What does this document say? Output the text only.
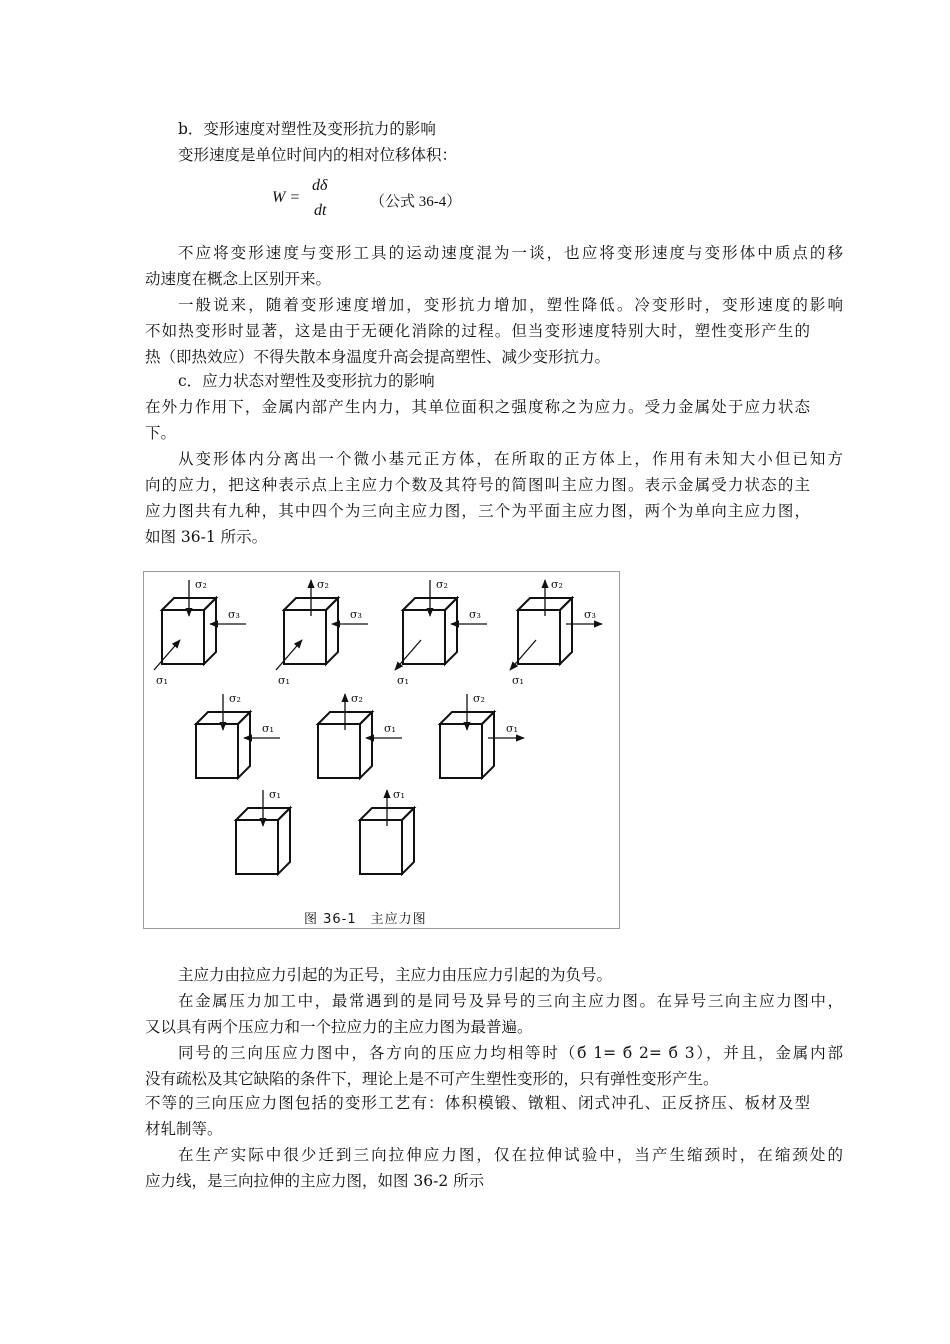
b．变形速度对塑性及变形抗力的影响
变形速度是单位时间内的相对位移体积：
W =
dδ
dt	（公式 36-4）
不应将变形速度与变形工具的运动速度混为一谈，也应将变形速度与变形体中质点的移
动速度在概念上区别开来。
一般说来，随着变形速度增加，变形抗力增加，塑性降低。冷变形时，变形速度的影响
不如热变形时显著，这是由于无硬化消除的过程。但当变形速度特别大时，塑性变形产生的
热（即热效应）不得失散本身温度升高会提高塑性、减少变形抗力。
c．应力状态对塑性及变形抗力的影响
在外力作用下，金属内部产生内力，其单位面积之强度称之为应力。受力金属处于应力状态
下。
从变形体内分离出一个微小基元正方体，在所取的正方体上，作用有未知大小但已知方
向的应力，把这种表示点上主应力个数及其符号的简图叫主应力图。表示金属受力状态的主
应力图共有九种，其中四个为三向主应力图，三个为平面主应力图，两个为单向主应力图，
如图 36-1 所示。
σ₂
σ₃
σ₁
σ₂
σ₃
σ₁
σ₂
σ₃
σ₁
σ₂
σ₃
σ₁
σ₂
σ₁
σ₂
σ₁
σ₂
σ₁
σ₁	σ₁
图 36-1　主应力图
主应力由拉应力引起的为正号，主应力由压应力引起的为负号。
在金属压力加工中，最常遇到的是同号及异号的三向主应力图。在异号三向主应力图中，
又以具有两个压应力和一个拉应力的主应力图为最普遍。
同号的三向压应力图中，各方向的压应力均相等时（б 1= б 2= б 3），并且，金属内部
没有疏松及其它缺陷的条件下，理论上是不可产生塑性变形的，只有弹性变形产生。
不等的三向压应力图包括的变形工艺有：体积模锻、镦粗、闭式冲孔、正反挤压、板材及型
材轧制等。
在生产实际中很少迁到三向拉伸应力图，仅在拉伸试验中，当产生缩颈时，在缩颈处的
应力线，是三向拉伸的主应力图，如图 36-2 所示
